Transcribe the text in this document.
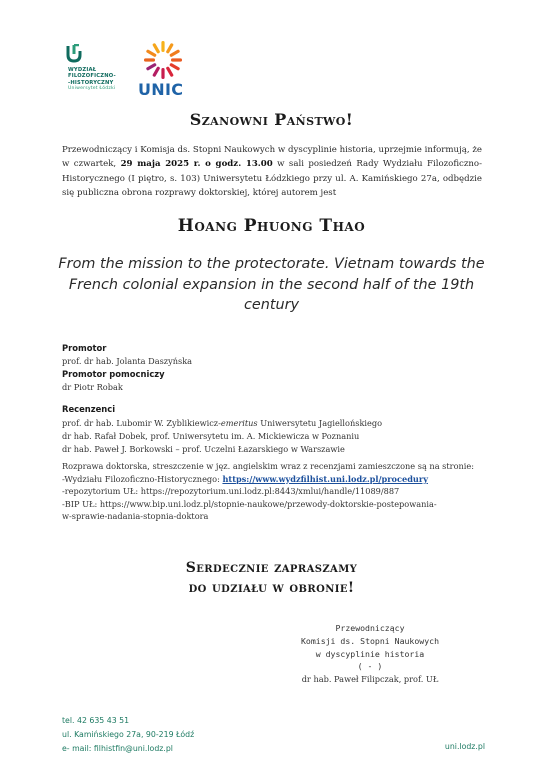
WYDZIAŁ
FILOZOFICZNO-
-HISTORYCZNY
Uniwersytet Łódzki UNIC
Szanowni Państwo!
Przewodniczący i Komisja ds. Stopni Naukowych w dyscyplinie historia, uprzejmie informują, że w czwartek, 29 maja 2025 r. o godz. 13.00 w sali posiedzeń Rady Wydziału Filozoficzno-Historycznego (I piętro, s. 103) Uniwersytetu Łódzkiego przy ul. A. Kamińskiego 27a, odbędzie się publiczna obrona rozprawy doktorskiej, której autorem jest
Hoang Phuong Thao
From the mission to the protectorate. Vietnam towards the French colonial expansion in the second half of the 19th century
Promotor
prof. dr hab. Jolanta Daszyńska
Promotor pomocniczy
dr Piotr Robak
Recenzenci
prof. dr hab. Lubomir W. Zyblikiewicz-emeritus Uniwersytetu Jagiellońskiego
dr hab. Rafał Dobek, prof. Uniwersytetu im. A. Mickiewicza w Poznaniu
dr hab. Paweł J. Borkowski – prof. Uczelni Łazarskiego w Warszawie
Rozprawa doktorska, streszczenie w jęz. angielskim wraz z recenzjami zamieszczone są na stronie:
-Wydziału Filozoficzno-Historycznego: https://www.wydzfilhist.uni.lodz.pl/procedury
-repozytorium UŁ: https://repozytorium.uni.lodz.pl:8443/xmlui/handle/11089/887
-BIP UŁ: https://www.bip.uni.lodz.pl/stopnie-naukowe/przewody-doktorskie-postepowania-
w-sprawie-nadania-stopnia-doktora
Serdecznie zapraszamy
do udziału w obronie!
Przewodniczący
Komisji ds. Stopni Naukowych
w dyscyplinie historia
( - )
dr hab. Paweł Filipczak, prof. UŁ
tel. 42 635 43 51
ul. Kamińskiego 27a, 90-219 Łódź
e- mail: filhistfin@uni.lodz.pl	uni.lodz.pl
